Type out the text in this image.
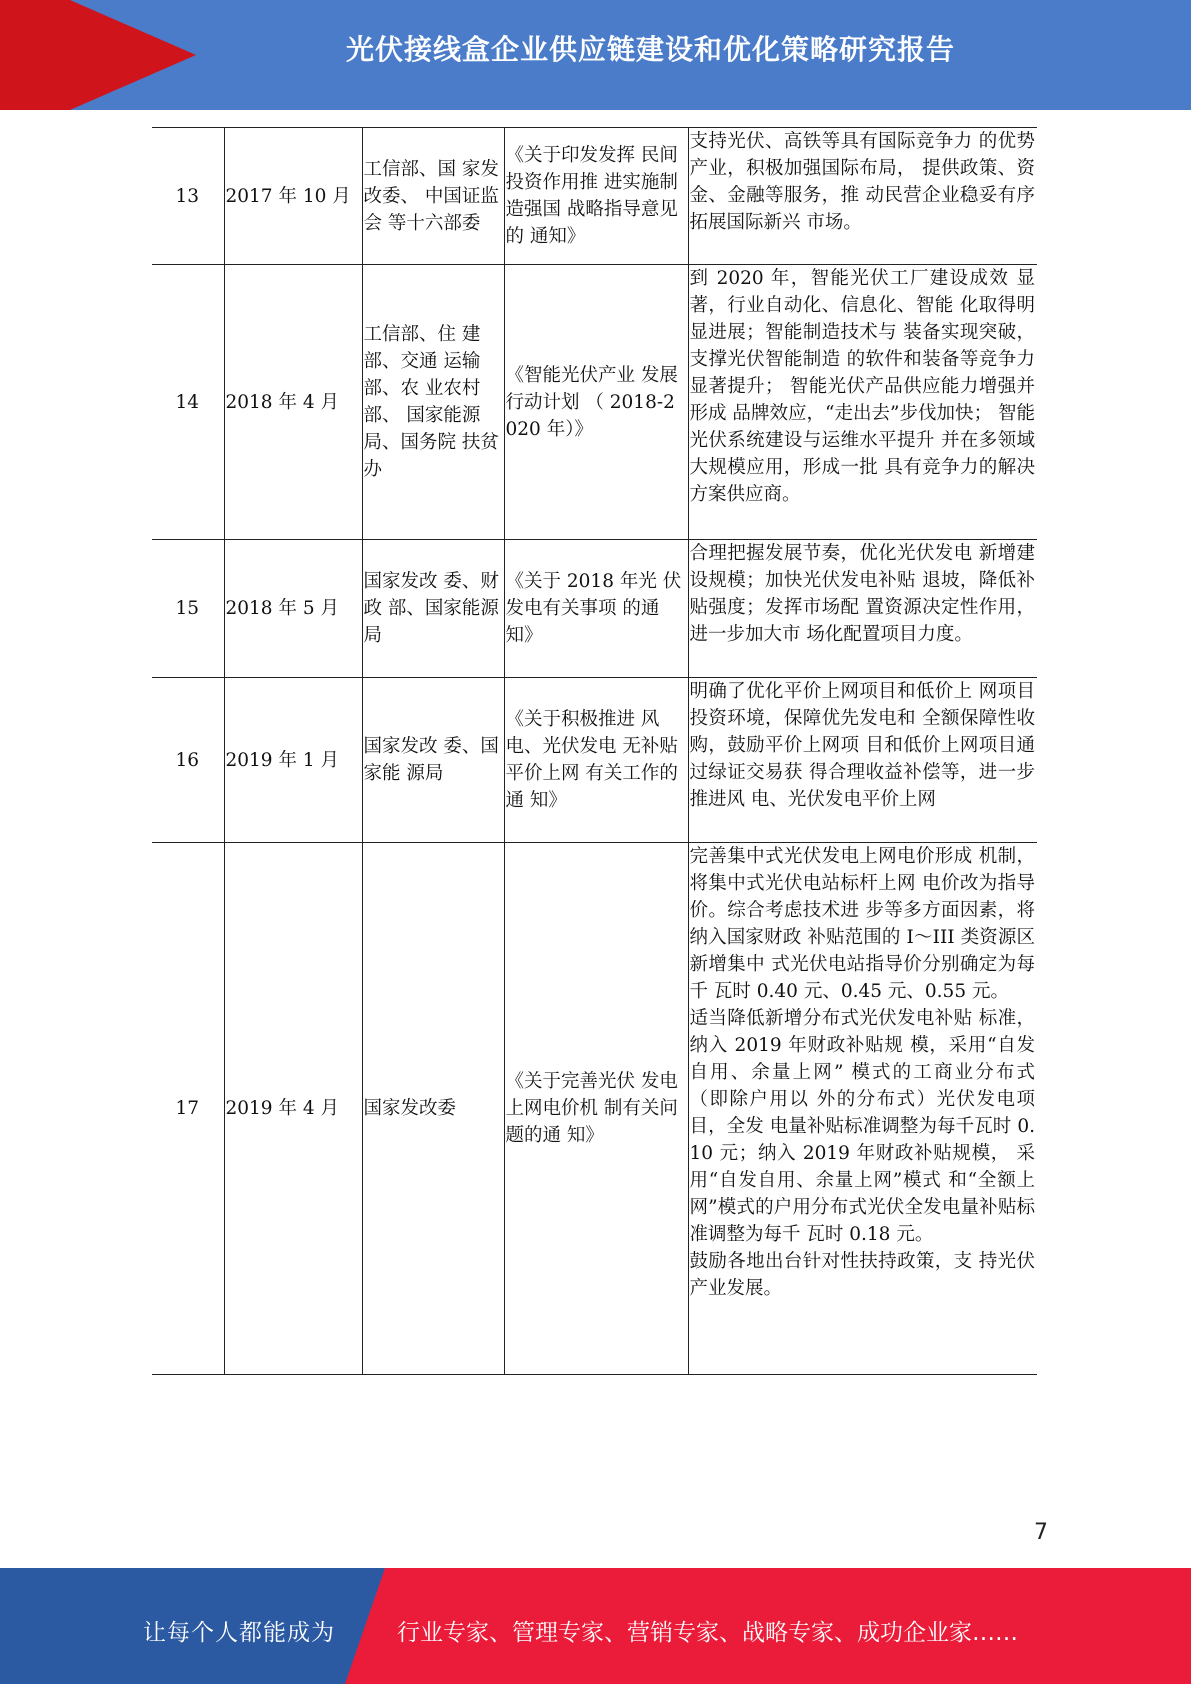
光伏接线盒企业供应链建设和优化策略研究报告
13	2017 年 10 月	工信部、国 家发改委、 中国证监会 等十六部委	《关于印发发挥 民间投资作用推 进实施制造强国 战略指导意见的 通知》	支持光伏、高铁等具有国际竞争力 的优势产业，积极加强国际布局， 提供政策、资金、金融等服务，推 动民营企业稳妥有序拓展国际新兴 市场。

14	2018 年 4 月	工信部、住 建部、交通 运输部、农 业农村部、 国家能源局、国务院 扶贫办	《智能光伏产业 发展行动计划 （ 2018-2020 年）》	到 2020 年，智能光伏工厂建设成效 显著，行业自动化、信息化、智能 化取得明显进展；智能制造技术与 装备实现突破，支撑光伏智能制造 的软件和装备等竞争力显著提升； 智能光伏产品供应能力增强并形成 品牌效应，“走出去”步伐加快； 智能光伏系统建设与运维水平提升 并在多领域大规模应用，形成一批 具有竞争力的解决方案供应商。

15	2018 年 5 月	国家发改 委、财政 部、国家能源局	《关于 2018 年光 伏发电有关事项 的通知》	合理把握发展节奏，优化光伏发电 新增建设规模；加快光伏发电补贴 退坡，降低补贴强度；发挥市场配 置资源决定性作用，进一步加大市 场化配置项目力度。

16	2019 年 1 月	国家发改 委、国家能 源局	《关于积极推进 风电、光伏发电 无补贴平价上网 有关工作的通 知》	明确了优化平价上网项目和低价上 网项目投资环境，保障优先发电和 全额保障性收购，鼓励平价上网项 目和低价上网项目通过绿证交易获 得合理收益补偿等，进一步推进风 电、光伏发电平价上网

17	2019 年 4 月	国家发改委	《关于完善光伏 发电上网电价机 制有关问题的通 知》	完善集中式光伏发电上网电价形成 机制，将集中式光伏电站标杆上网 电价改为指导价。综合考虑技术进 步等多方面因素，将纳入国家财政 补贴范围的 I～III 类资源区新增集中 式光伏电站指导价分别确定为每千 瓦时 0.40 元、0.45 元、0.55 元。
适当降低新增分布式光伏发电补贴 标准，纳入 2019 年财政补贴规 模，采用“自发自用、余量上网” 模式的工商业分布式（即除户用以 外的分布式）光伏发电项目，全发 电量补贴标准调整为每千瓦时 0.10 元；纳入 2019 年财政补贴规模， 采用“自发自用、余量上网”模式 和“全额上网”模式的户用分布式光伏全发电量补贴标准调整为每千 瓦时 0.18 元。
鼓励各地出台针对性扶持政策，支 持光伏产业发展。
7
让每个人都能成为	行业专家、管理专家、营销专家、战略专家、成功企业家……
